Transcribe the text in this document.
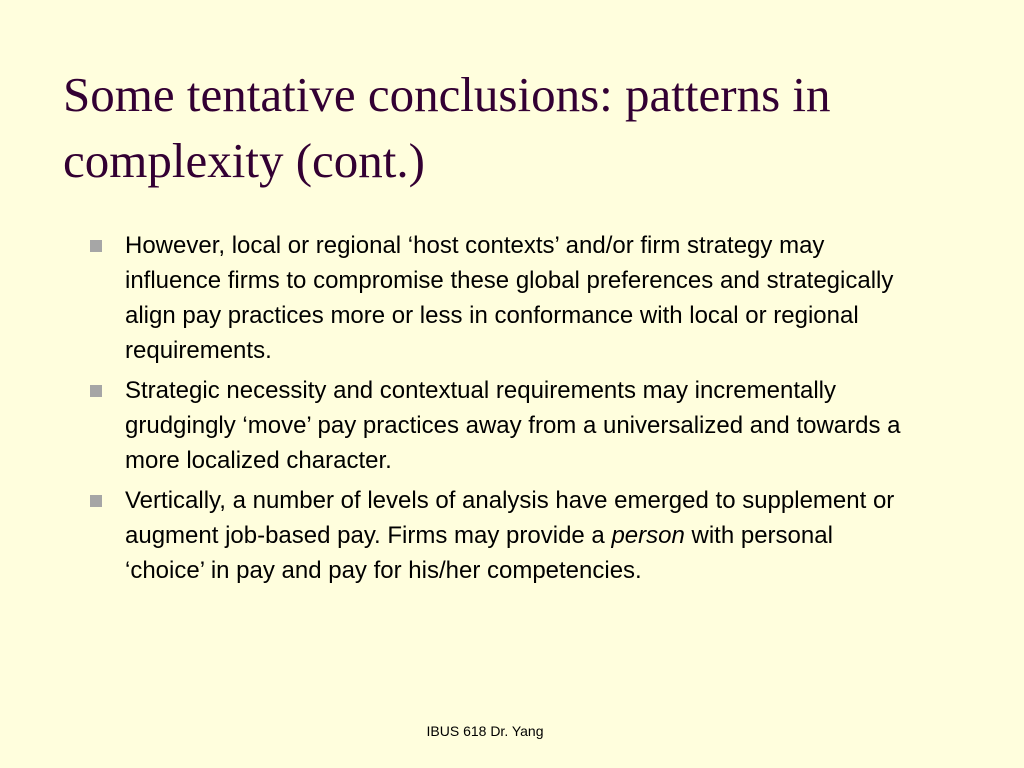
Some tentative conclusions: patterns in complexity (cont.)
However, local or regional ‘host contexts’ and/or firm strategy may influence firms to compromise these global preferences and strategically align pay practices more or less in conformance with local or regional requirements.
Strategic necessity and contextual requirements may incrementally grudgingly ‘move’ pay practices away from a universalized and towards a more localized character.
Vertically, a number of levels of analysis have emerged to supplement or augment job-based pay. Firms may provide a person with personal ‘choice’ in pay and pay for his/her competencies.
IBUS 618 Dr. Yang
